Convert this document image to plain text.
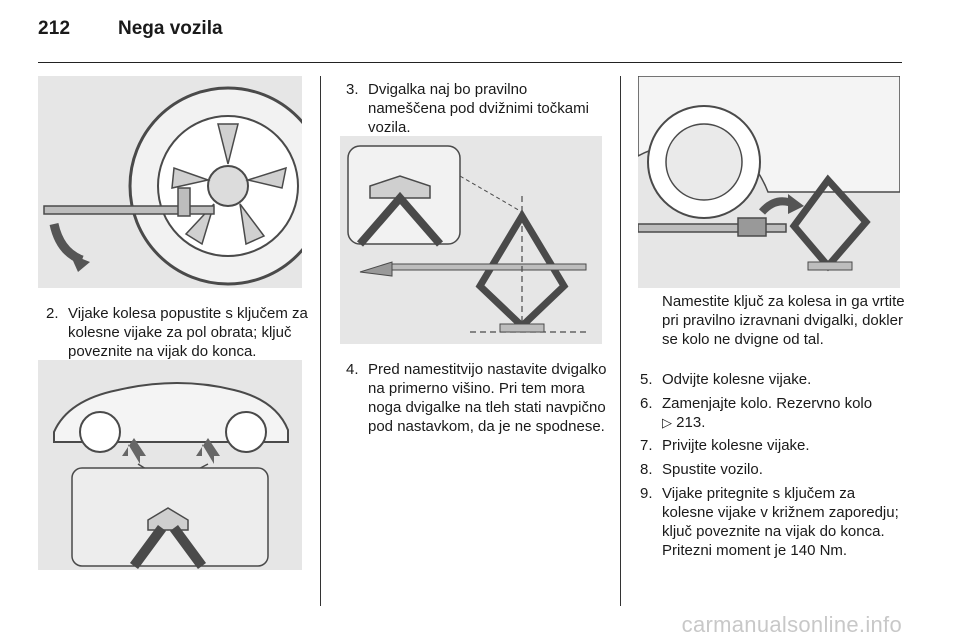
212	Nega vozila
2. Vijake kolesa popustite s ključem za kolesne vijake za pol obrata; ključ poveznite na vijak do konca.
3. Dvigalka naj bo pravilno nameščena pod dvižnimi točkami vozila.
4. Pred namestitvijo nastavite dvigalko na primerno višino. Pri tem mora noga dvigalke na tleh stati navpično pod nastavkom, da je ne spodnese.
Namestite ključ za kolesa in ga vrtite pri pravilno izravnani dvigalki, dokler se kolo ne dvigne od tal.
5. Odvijte kolesne vijake.
6. Zamenjajte kolo. Rezervno kolo
▷ 213.
7. Privijte kolesne vijake.
8. Spustite vozilo.
9. Vijake pritegnite s ključem za kolesne vijake v križnem zaporedju; ključ poveznite na vijak do konca. Pritezni moment je 140 Nm.
carmanualsonline.info
